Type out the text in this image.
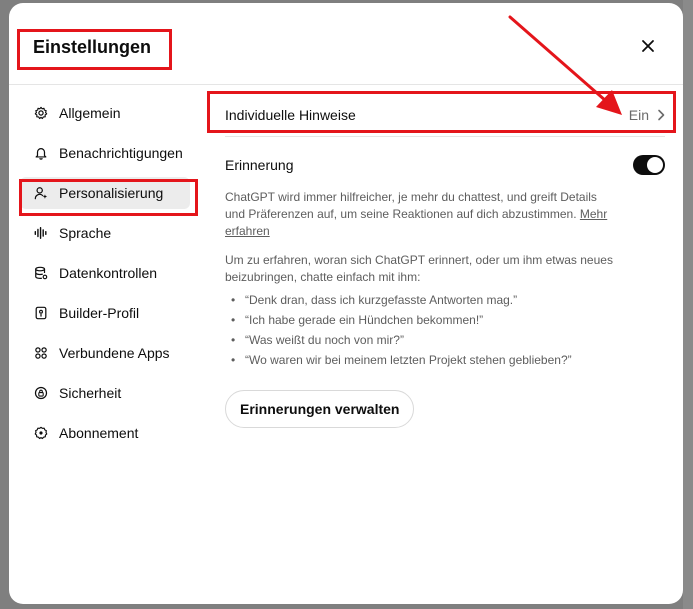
Einstellungen
Allgemein
Benachrichtigungen
Personalisierung
Sprache
Datenkontrollen
Builder-Profil
Verbundene Apps
Sicherheit
Abonnement
Individuelle Hinweise	Ein
Erinnerung

ChatGPT wird immer hilfreicher, je mehr du chattest, und greift Details und Präferenzen auf, um seine Reaktionen auf dich abzustimmen. Mehr erfahren

Um zu erfahren, woran sich ChatGPT erinnert, oder um ihm etwas neues beizubringen, chatte einfach mit ihm:

• “Denk dran, dass ich kurzgefasste Antworten mag.”
• “Ich habe gerade ein Hündchen bekommen!”
• “Was weißt du noch von mir?”
• “Wo waren wir bei meinem letzten Projekt stehen geblieben?”
Erinnerungen verwalten
